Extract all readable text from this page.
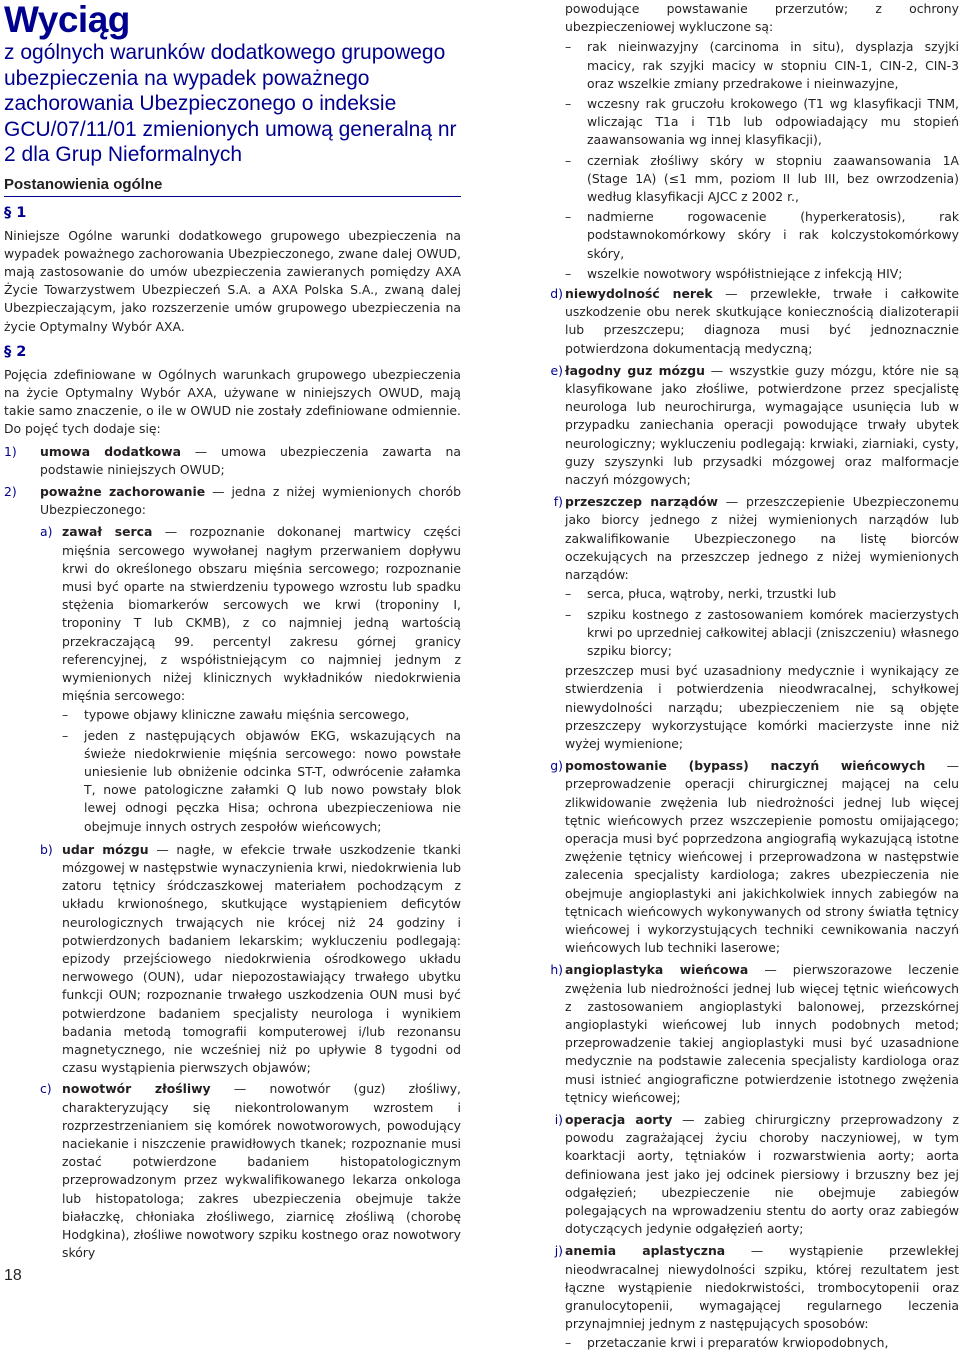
Wyciąg
z ogólnych warunków dodatkowego grupowego ubezpieczenia na wypadek poważnego zachorowania Ubezpieczonego o indeksie GCU/07/11/01 zmienionych umową generalną nr 2 dla Grup Nieformalnych
Postanowienia ogólne
§ 1

Niniejsze Ogólne warunki dodatkowego grupowego ubezpieczenia na wypadek poważnego zachorowania Ubezpieczonego, zwane dalej OWUD, mają zastosowanie do umów ubezpieczenia zawieranych pomiędzy AXA Życie Towarzystwem Ubezpieczeń S.A. a AXA Polska S.A., zwaną dalej Ubezpieczającym, jako rozszerzenie umów grupowego ubezpieczenia na życie Optymalny Wybór AXA.

§ 2

Pojęcia zdefiniowane w Ogólnych warunkach grupowego ubezpieczenia na życie Optymalny Wybór AXA, używane w niniejszych OWUD, mają takie samo znaczenie, o ile w OWUD nie zostały zdefiniowane odmiennie. Do pojęć tych dodaje się:

1)	umowa dodatkowa — umowa ubezpieczenia zawarta na podstawie niniejszych OWUD;
2)	poważne zachorowanie — jedna z niżej wymienionych chorób Ubezpieczonego:
a) zawał serca — rozpoznanie dokonanej martwicy części mięśnia sercowego wywołanej nagłym przerwaniem dopływu krwi do określonego obszaru mięśnia sercowego; rozpoznanie musi być oparte na stwierdzeniu typowego wzrostu lub spadku stężenia biomarkerów sercowych we krwi (troponiny I, troponiny T lub CKMB), z co najmniej jedną wartością przekraczającą 99. percentyl zakresu górnej granicy referencyjnej, z współistniejącym co najmniej jednym z wymienionych niżej klinicznych wykładników niedokrwienia mięśnia sercowego:
–	typowe objawy kliniczne zawału mięśnia sercowego,
–	jeden z następujących objawów EKG, wskazujących na świeże niedokrwienie mięśnia sercowego: nowo powstałe uniesienie lub obniżenie odcinka ST-T, odwrócenie załamka T, nowe patologiczne załamki Q lub nowo powstały blok lewej odnogi pęczka Hisa; ochrona ubezpieczeniowa nie obejmuje innych ostrych zespołów wieńcowych;
b) udar mózgu — nagłe, w efekcie trwałe uszkodzenie tkanki mózgowej w następstwie wynaczynienia krwi, niedokrwienia lub zatoru tętnicy śródczaszkowej materiałem pochodzącym z układu krwionośnego, skutkujące wystąpieniem deficytów neurologicznych trwających nie krócej niż 24 godziny i potwierdzonych badaniem lekarskim; wykluczeniu podlegają: epizody przejściowego niedokrwienia ośrodkowego układu nerwowego (OUN), udar niepozostawiający trwałego ubytku funkcji OUN; rozpoznanie trwałego uszkodzenia OUN musi być potwierdzone badaniem specjalisty neurologa i wynikiem badania metodą tomografii komputerowej i/lub rezonansu magnetycznego, nie wcześniej niż po upływie 8 tygodni od czasu wystąpienia pierwszych objawów;
c) nowotwór złośliwy — nowotwór (guz) złośliwy, charakteryzujący się niekontrolowanym wzrostem i rozprzestrzenianiem się komórek nowotworowych, powodujący naciekanie i niszczenie prawidłowych tkanek; rozpoznanie musi zostać potwierdzone badaniem histopatologicznym przeprowadzonym przez wykwalifikowanego lekarza onkologa lub histopatologa; zakres ubezpieczenia obejmuje także białaczkę, chłoniaka złośliwego, ziarnicę złośliwą (chorobę Hodgkina), złośliwe nowotwory szpiku kostnego oraz nowotwory skóry

powodujące powstawanie przerzutów; z ochrony ubezpieczeniowej wykluczone są:

–	rak nieinwazyjny (carcinoma in situ), dysplazja szyjki macicy, rak szyjki macicy w stopniu CIN-1, CIN-2, CIN-3 oraz wszelkie zmiany przedrakowe i nieinwazyjne,
–	wczesny rak gruczołu krokowego (T1 wg klasyfikacji TNM, wliczając T1a i T1b lub odpowiadający mu stopień zaawansowania wg innej klasyfikacji),
–	czerniak złośliwy skóry w stopniu zaawansowania 1A (Stage 1A) (≤1 mm, poziom II lub III, bez owrzodzenia) według klasyfikacji AJCC z 2002 r.,
–	nadmierne rogowacenie (hyperkeratosis), rak podstawnokomórkowy skóry i rak kolczystokomórkowy skóry,
–	wszelkie nowotwory współistniejące z infekcją HIV;
d) niewydolność nerek — przewlekłe, trwałe i całkowite uszkodzenie obu nerek skutkujące koniecznością dializoterapii lub przeszczepu; diagnoza musi być jednoznacznie potwierdzona dokumentacją medyczną;
e) łagodny guz mózgu — wszystkie guzy mózgu, które nie są klasyfikowane jako złośliwe, potwierdzone przez specjalistę neurologa lub neurochirurga, wymagające usunięcia lub w przypadku zaniechania operacji powodujące trwały ubytek neurologiczny; wykluczeniu podlegają: krwiaki, ziarniaki, cysty, guzy szyszynki lub przysadki mózgowej oraz malformacje naczyń mózgowych;
f) przeszczep narządów — przeszczepienie Ubezpieczonemu jako biorcy jednego z niżej wymienionych narządów lub zakwalifikowanie Ubezpieczonego na listę biorców oczekujących na przeszczep jednego z niżej wymienionych narządów:
–	serca, płuca, wątroby, nerki, trzustki lub
–	szpiku kostnego z zastosowaniem komórek macierzystych krwi po uprzedniej całkowitej ablacji (zniszczeniu) własnego szpiku biorcy;
przeszczep musi być uzasadniony medycznie i wynikający ze stwierdzenia i potwierdzenia nieodwracalnej, schyłkowej niewydolności narządu; ubezpieczeniem nie są objęte przeszczepy wykorzystujące komórki macierzyste inne niż wyżej wymienione;
g) pomostowanie (bypass) naczyń wieńcowych — przeprowadzenie operacji chirurgicznej mającej na celu zlikwidowanie zwężenia lub niedrożności jednej lub więcej tętnic wieńcowych przez wszczepienie pomostu omijającego; operacja musi być poprzedzona angiografią wykazującą istotne zwężenie tętnicy wieńcowej i przeprowadzona w następstwie zalecenia specjalisty kardiologa; zakres ubezpieczenia nie obejmuje angioplastyki ani jakichkolwiek innych zabiegów na tętnicach wieńcowych wykonywanych od strony światła tętnicy wieńcowej i wykorzystujących techniki cewnikowania naczyń wieńcowych lub techniki laserowe;
h) angioplastyka wieńcowa — pierwszorazowe leczenie zwężenia lub niedrożności jednej lub więcej tętnic wieńcowych z zastosowaniem angioplastyki balonowej, przezskórnej angioplastyki wieńcowej lub innych podobnych metod; przeprowadzenie takiej angioplastyki musi być uzasadnione medycznie na podstawie zalecenia specjalisty kardiologa oraz musi istnieć angiograficzne potwierdzenie istotnego zwężenia tętnicy wieńcowej;
i) operacja aorty — zabieg chirurgiczny przeprowadzony z powodu zagrażającej życiu choroby naczyniowej, w tym koarktacji aorty, tętniaków i rozwarstwienia aorty; aorta definiowana jest jako jej odcinek piersiowy i brzuszny bez jej odgałęzień; ubezpieczenie nie obejmuje zabiegów polegających na wprowadzeniu stentu do aorty oraz zabiegów dotyczących jedynie odgałęzień aorty;
j) anemia aplastyczna — wystąpienie przewlekłej nieodwracalnej niewydolności szpiku, której rezultatem jest łączne wystąpienie niedokrwistości, trombocytopenii oraz granulocytopenii, wymagającej regularnego leczenia przynajmniej jednym z następujących sposobów:
–	przetaczanie krwi i preparatów krwiopodobnych,
18
